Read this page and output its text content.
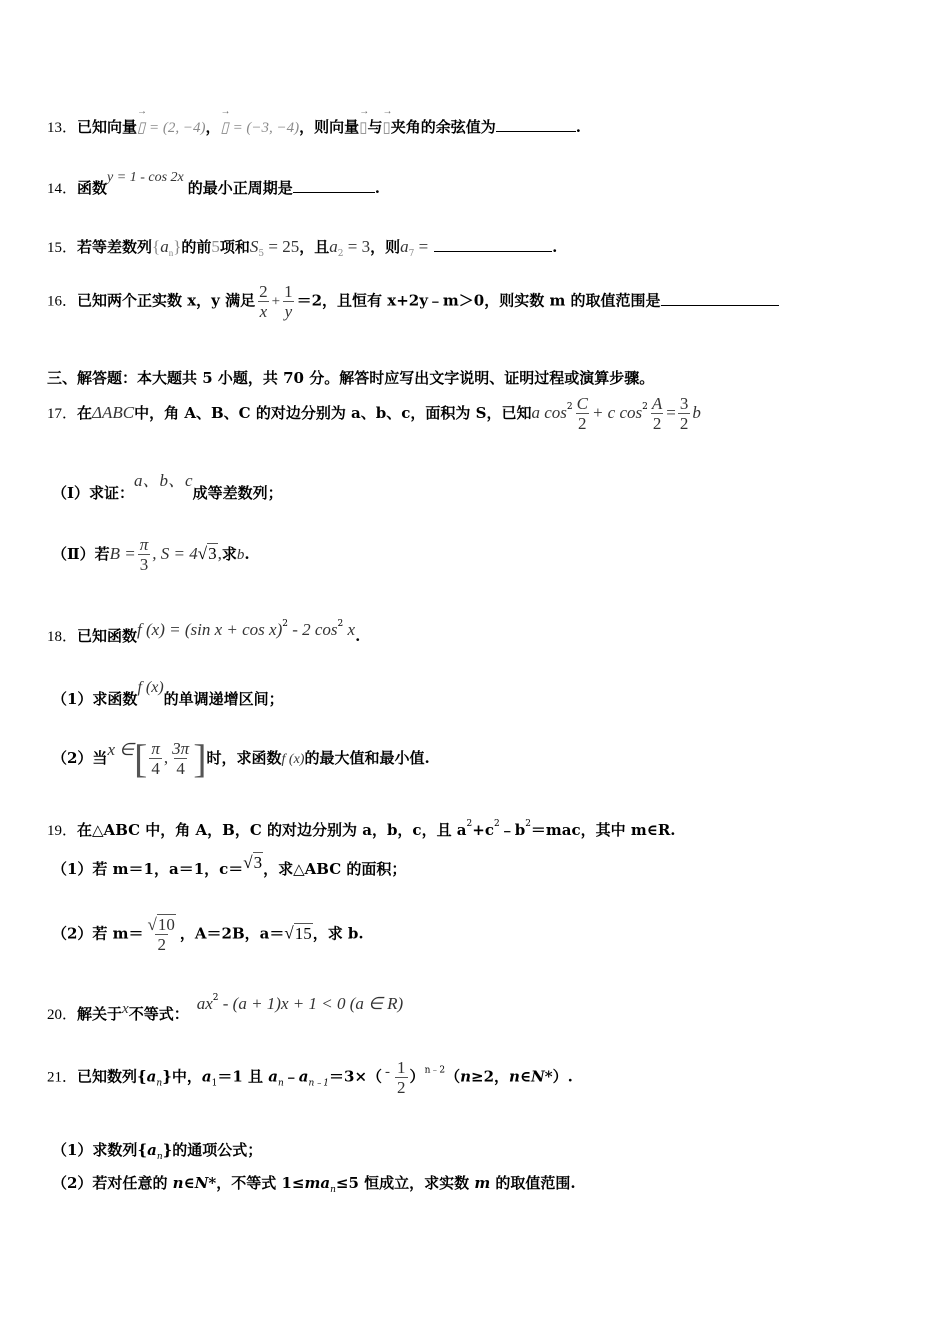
13．已知向量→ ▯ = (2, −4)，→ ▯ = (−3, −4)，则向量→ ▯与→ ▯夹角的余弦值为	.
14．函数y = 1 - cos 2x的最小正周期是	.
15．若等差数列$\{a_n\}$的前5项和$S_5 = 25$，且$a_2 = 3$，则$a_7$ =	.
16．已知两个正实数 x，y 满足 $\frac{2}{x} + \frac{1}{y} =2$，且恒有 x+2y﹣m＞0，则实数 m 的取值范围是
三、解答题：本大题共 5 小题，共 70 分。解答时应写出文字说明、证明过程或演算步骤。
17．在ΔABC中，角 A、B、C 的对边分别为 a、b、c，面积为 S，已知a $\cos^2 \frac{C}{2} + c$ $\cos^2 \frac{A}{2} = \frac{3}{2}$ b
（Ⅰ）求证：a、b、c成等差数列；
（Ⅱ）若$B = \frac{\pi}{3}$ , S = 4√3,求b.
18．已知函数f (x) = (sin x + cos x)$^2$ - 2 $\cos^2 x$.
（1）求函数f (x)的单调递增区间；
（2）当x ∈[ $\frac{\pi}{4}$ , $\frac{3\pi}{4}$ ]时，求函数f (x)的最大值和最小值.
19．在△ABC 中，角 A，B，C 的对边分别为 a，b，c，且 $a^2+c^2﹣b^2=mac$，其中 m∈R.
（1）若 m＝1，a＝1，c＝√3，求△ABC 的面积；
（2）若 $m= \frac{√10}{2}$ ，A＝2B，a＝√15，求 b.
20．解关于x不等式：$ax^2 - (a + 1)x + 1 < 0$ (a ∈ R)
21．已知数列$\{a_n\}$中，$a_1=1$ 且 $a_n﹣a_{n﹣1}=3\times( - \frac{1}{2} )^{n﹣2}(n\ge 2$，n∈N*）.
（1）求数列$\{a_n\}$的通项公式；
（2）若对任意的 n∈N*，不等式 $1\le ma_n\le 5$ 恒成立，求实数 m 的取值范围.
